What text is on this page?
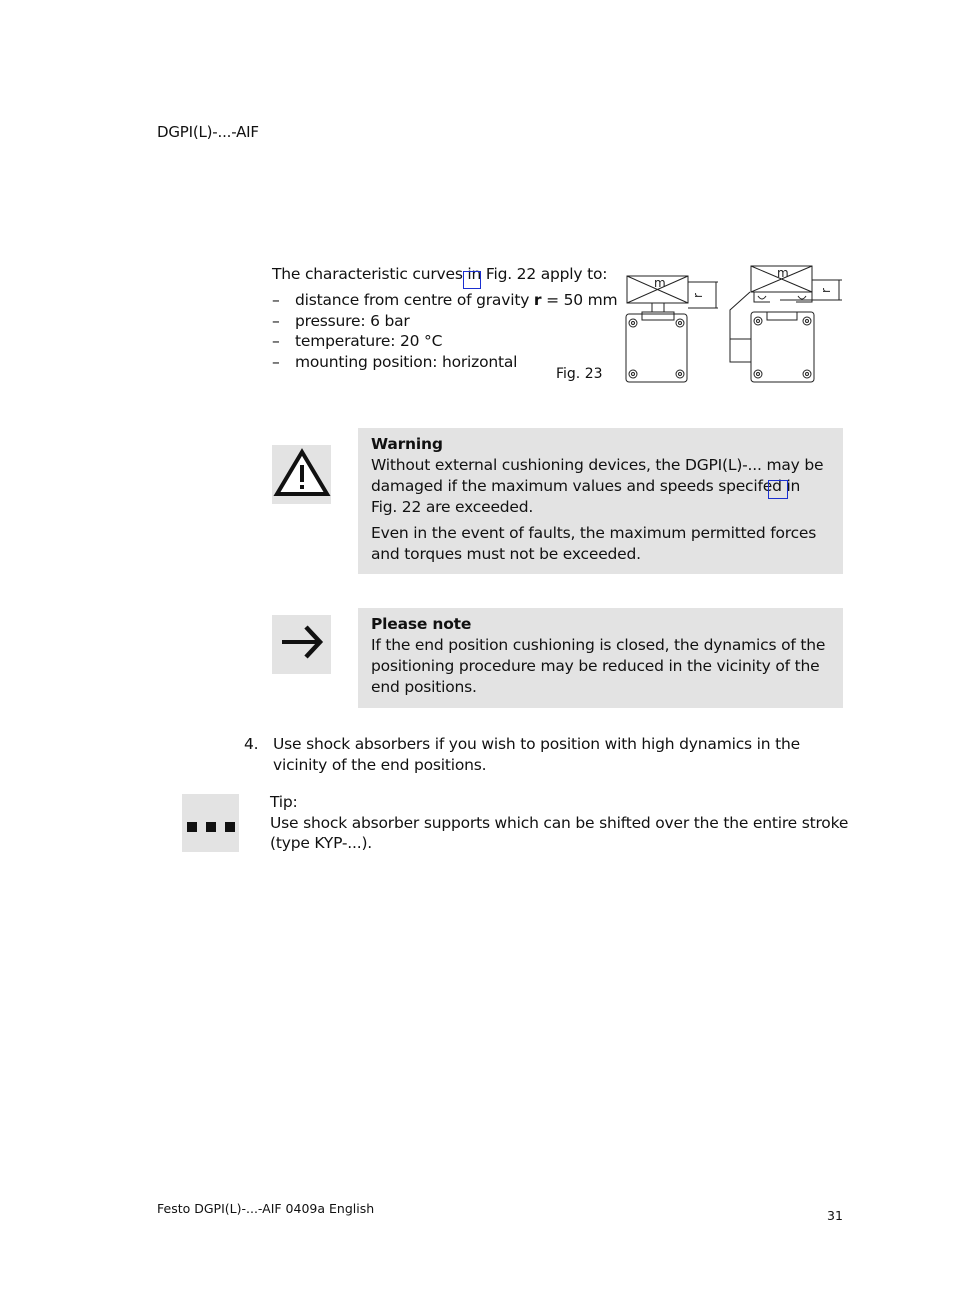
DGPI(L)-...-AIF
The characteristic curves in Fig. 22 apply to:
– distance from centre of gravity r = 50 mm
– pressure: 6 bar
– temperature: 20 °C
– mounting position: horizontal
Fig. 23
m
m
r
r

Warning

Without external cushioning devices, the DGPI(L)-... may be damaged if the maximum values and speeds specifed in Fig. 22 are exceeded.

Even in the event of faults, the maximum permitted forces and torques must not be exceeded.

Please note

If the end position cushioning is closed, the dynamics of the positioning procedure may be reduced in the vicinity of the end positions.

4. Use shock absorbers if you wish to position with high dynamics in the vicinity of the end positions.
Tip:
Use shock absorber supports which can be shifted over the the entire stroke (type KYP-...).
Festo DGPI(L)-...-AIF 0409a English	31
